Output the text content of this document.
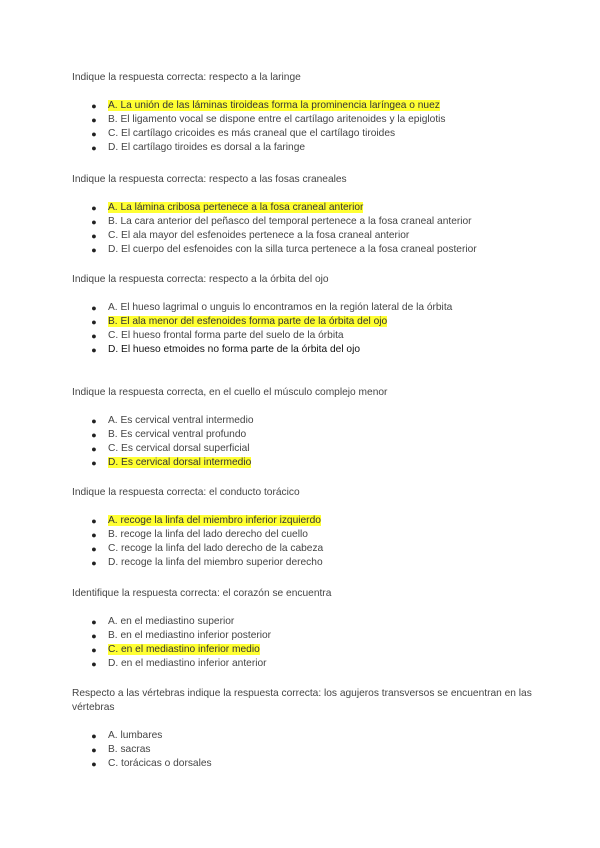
Indique la respuesta correcta: respecto a la laringe

● A. La unión de las láminas tiroideas forma la prominencia laríngea o nuez
● B. El ligamento vocal se dispone entre el cartílago aritenoides y la epiglotis
● C. El cartílago cricoides es más craneal que el cartílago tiroides
● D. El cartílago tiroides es dorsal a la faringe

Indique la respuesta correcta: respecto a las fosas craneales

● A. La lámina cribosa pertenece a la fosa craneal anterior
● B. La cara anterior del peñasco del temporal pertenece a la fosa craneal anterior
● C. El ala mayor del esfenoides pertenece a la fosa craneal anterior
● D. El cuerpo del esfenoides con la silla turca pertenece a la fosa craneal posterior

Indique la respuesta correcta: respecto a la órbita del ojo

● A. El hueso lagrimal o unguis lo encontramos en la región lateral de la órbita
● B. El ala menor del esfenoides forma parte de la órbita del ojo
● C. El hueso frontal forma parte del suelo de la órbita
● D. El hueso etmoides no forma parte de la órbita del ojo

Indique la respuesta correcta, en el cuello el músculo complejo menor

● A. Es cervical ventral intermedio
● B. Es cervical ventral profundo
● C. Es cervical dorsal superficial
● D. Es cervical dorsal intermedio

Indique la respuesta correcta: el conducto torácico

● A. recoge la linfa del miembro inferior izquierdo
● B. recoge la linfa del lado derecho del cuello
● C. recoge la linfa del lado derecho de la cabeza
● D. recoge la linfa del miembro superior derecho

Identifique la respuesta correcta: el corazón se encuentra

● A. en el mediastino superior
● B. en el mediastino inferior posterior
● C. en el mediastino inferior medio
● D. en el mediastino inferior anterior

Respecto a las vértebras indique la respuesta correcta: los agujeros transversos se encuentran en las vértebras

● A. lumbares
● B. sacras
● C. torácicas o dorsales
